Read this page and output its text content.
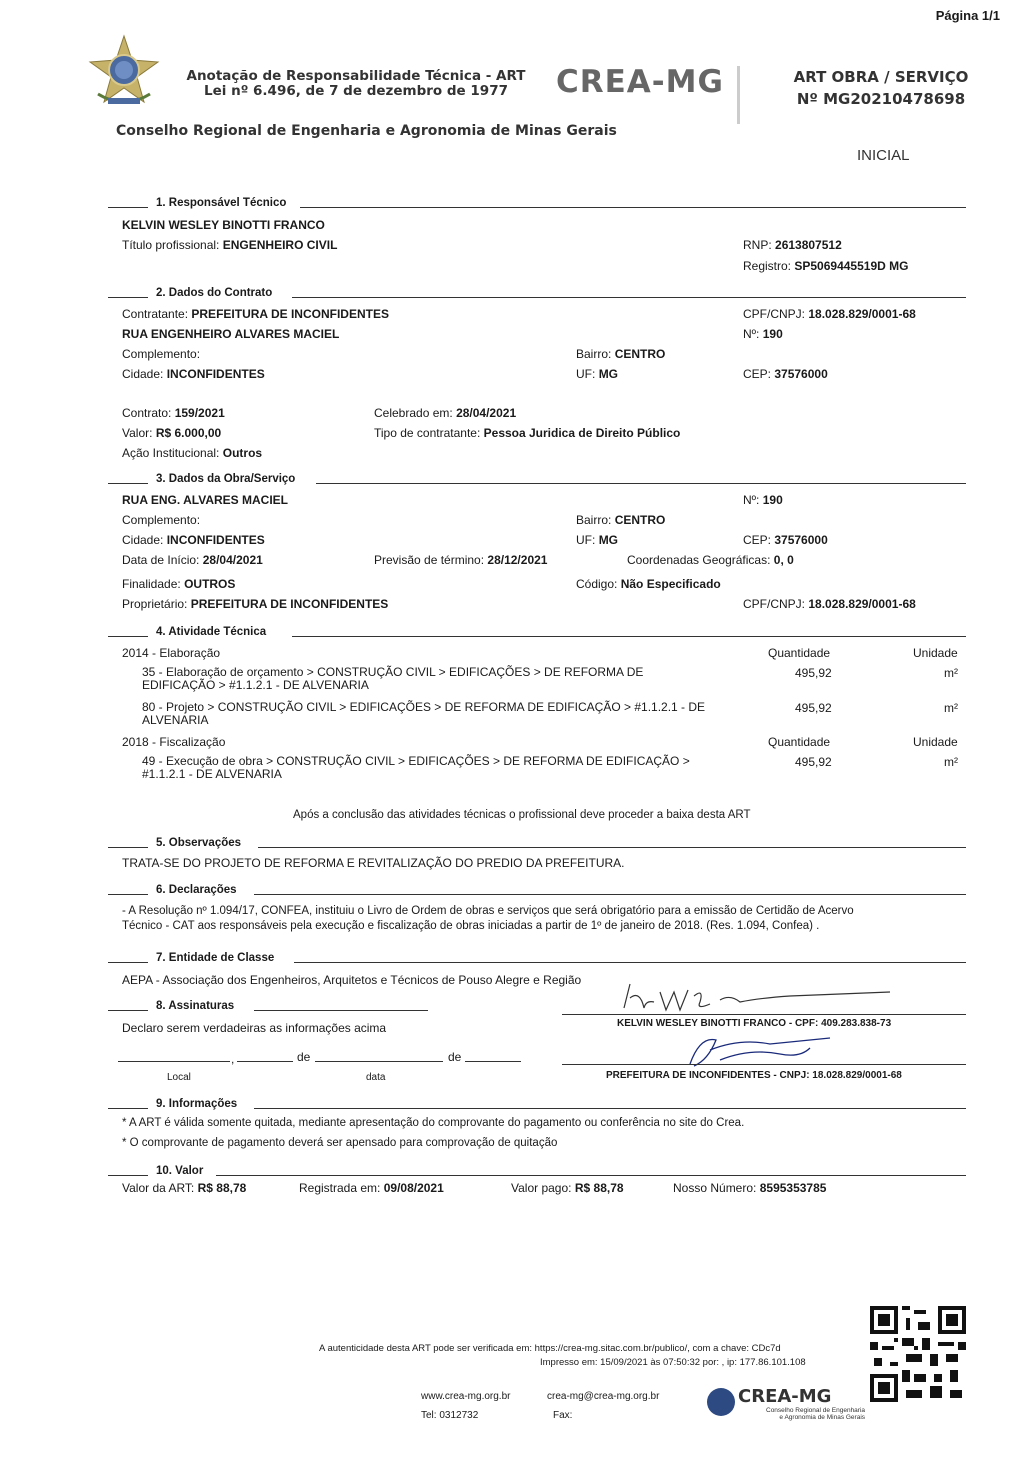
Página 1/1
Anotação de Responsabilidade Técnica - ART
Lei nº 6.496, de 7 de dezembro de 1977	CREA-MG	ART OBRA / SERVIÇO
Nº MG20210478698
Conselho Regional de Engenharia e Agronomia de Minas Gerais
INICIAL
1. Responsável Técnico
KELVIN WESLEY BINOTTI FRANCO
Título profissional: ENGENHEIRO CIVIL	RNP: 2613807512
Registro: SP5069445519D MG
2. Dados do Contrato
Contratante: PREFEITURA DE INCONFIDENTES	CPF/CNPJ: 18.028.829/0001-68
RUA ENGENHEIRO ALVARES MACIEL	Nº: 190
Complemento:	Bairro: CENTRO
Cidade: INCONFIDENTES	UF: MG	CEP: 37576000
Contrato: 159/2021	Celebrado em: 28/04/2021
Valor: R$ 6.000,00	Tipo de contratante: Pessoa Juridica de Direito Público
Ação Institucional: Outros
3. Dados da Obra/Serviço
RUA ENG. ALVARES MACIEL	Nº: 190
Complemento:	Bairro: CENTRO
Cidade: INCONFIDENTES	UF: MG	CEP: 37576000
Data de Início: 28/04/2021	Previsão de término: 28/12/2021	Coordenadas Geográficas: 0, 0
Finalidade: OUTROS	Código: Não Especificado
Proprietário: PREFEITURA DE INCONFIDENTES	CPF/CNPJ: 18.028.829/0001-68
4. Atividade Técnica
2014 - Elaboração	Quantidade	Unidade
35 - Elaboração de orçamento > CONSTRUÇÃO CIVIL > EDIFICAÇÕES > DE REFORMA DE EDIFICAÇÃO > #1.1.2.1 - DE ALVENARIA
495,92	m²
80 - Projeto > CONSTRUÇÃO CIVIL > EDIFICAÇÕES > DE REFORMA DE EDIFICAÇÃO > #1.1.2.1 - DE ALVENARIA
495,92	m²
2018 - Fiscalização	Quantidade	Unidade
49 - Execução de obra > CONSTRUÇÃO CIVIL > EDIFICAÇÕES > DE REFORMA DE EDIFICAÇÃO > #1.1.2.1 - DE ALVENARIA
495,92	m²
Após a conclusão das atividades técnicas o profissional deve proceder a baixa desta ART
5. Observações
TRATA-SE DO PROJETO DE REFORMA E REVITALIZAÇÃO DO PREDIO DA PREFEITURA.
6. Declarações
- A Resolução nº 1.094/17, CONFEA, instituiu o Livro de Ordem de obras e serviços que será obrigatório para a emissão de Certidão de Acervo
Técnico - CAT aos responsáveis pela execução e fiscalização de obras iniciadas a partir de 1º de janeiro de 2018. (Res. 1.094, Confea) .
7. Entidade de Classe
AEPA - Associação dos Engenheiros, Arquitetos e Técnicos de Pouso Alegre e Região
8. Assinaturas
Declaro serem verdadeiras as informações acima
,	de	de
Local	data
KELVIN WESLEY BINOTTI FRANCO - CPF: 409.283.838-73
PREFEITURA DE INCONFIDENTES - CNPJ: 18.028.829/0001-68
9. Informações
* A ART é válida somente quitada, mediante apresentação do comprovante do pagamento ou conferência no site do Crea.
* O comprovante de pagamento deverá ser apensado para comprovação de quitação
10. Valor
Valor da ART: R$ 88,78	Registrada em: 09/08/2021	Valor pago: R$ 88,78	Nosso Número: 8595353785
A autenticidade desta ART pode ser verificada em: https://crea-mg.sitac.com.br/publico/, com a chave: CDc7d
Impresso em: 15/09/2021 às 07:50:32 por: , ip: 177.86.101.108
www.crea-mg.org.br	crea-mg@crea-mg.org.br
Tel: 0312732	Fax:
CREA-MG
Conselho Regional de Engenharia
e Agronomia de Minas Gerais
